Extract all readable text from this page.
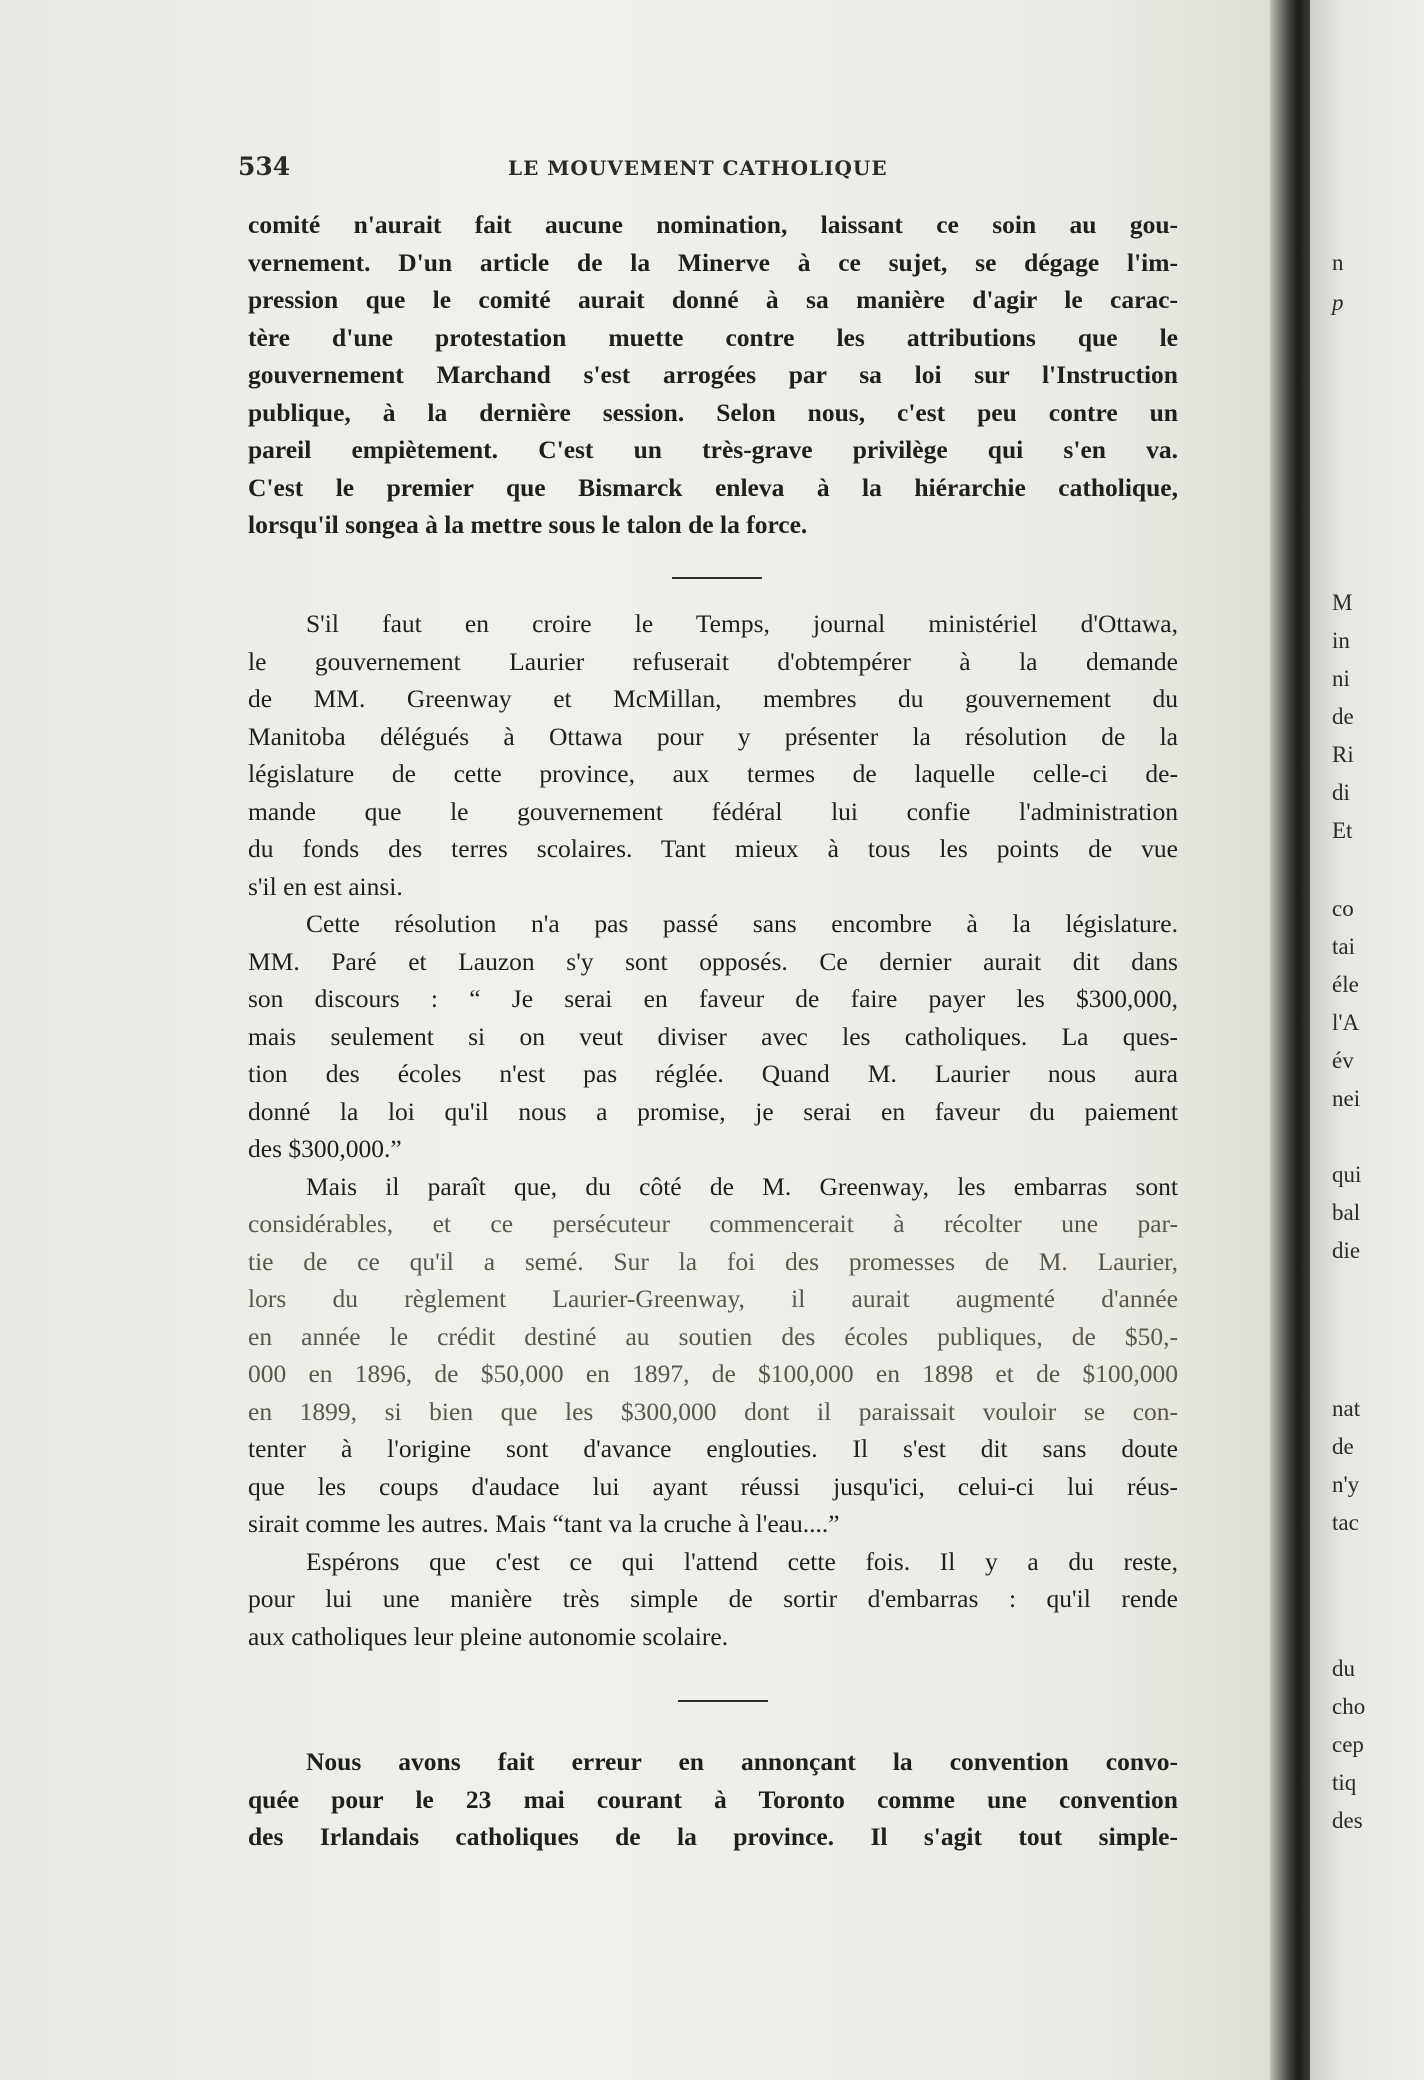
534	LE MOUVEMENT CATHOLIQUE
comité n'aurait fait aucune nomination, laissant ce soin au gou-
vernement. D'un article de la Minerve à ce sujet, se dégage l'im-
pression que le comité aurait donné à sa manière d'agir le carac-
tère d'une protestation muette contre les attributions que le
gouvernement Marchand s'est arrogées par sa loi sur l'Instruction
publique, à la dernière session. Selon nous, c'est peu contre un
pareil empiètement. C'est un très-grave privilège qui s'en va.
C'est le premier que Bismarck enleva à la hiérarchie catholique,
lorsqu'il songea à la mettre sous le talon de la force.
S'il faut en croire le Temps, journal ministériel d'Ottawa,
le gouvernement Laurier refuserait d'obtempérer à la demande
de MM. Greenway et McMillan, membres du gouvernement du
Manitoba délégués à Ottawa pour y présenter la résolution de la
législature de cette province, aux termes de laquelle celle-ci de-
mande que le gouvernement fédéral lui confie l'administration
du fonds des terres scolaires. Tant mieux à tous les points de vue
s'il en est ainsi.
Cette résolution n'a pas passé sans encombre à la législature.
MM. Paré et Lauzon s'y sont opposés. Ce dernier aurait dit dans
son discours : “ Je serai en faveur de faire payer les $300,000,
mais seulement si on veut diviser avec les catholiques. La ques-
tion des écoles n'est pas réglée. Quand M. Laurier nous aura
donné la loi qu'il nous a promise, je serai en faveur du paiement
des $300,000.”
Mais il paraît que, du côté de M. Greenway, les embarras sont
considérables, et ce persécuteur commencerait à récolter une par-
tie de ce qu'il a semé. Sur la foi des promesses de M. Laurier,
lors du règlement Laurier-Greenway, il aurait augmenté d'année
en année le crédit destiné au soutien des écoles publiques, de $50,-
000 en 1896, de $50,000 en 1897, de $100,000 en 1898 et de $100,000
en 1899, si bien que les $300,000 dont il paraissait vouloir se con-
tenter à l'origine sont d'avance englouties. Il s'est dit sans doute
que les coups d'audace lui ayant réussi jusqu'ici, celui-ci lui réus-
sirait comme les autres. Mais “tant va la cruche à l'eau....”
Espérons que c'est ce qui l'attend cette fois. Il y a du reste,
pour lui une manière très simple de sortir d'embarras : qu'il rende
aux catholiques leur pleine autonomie scolaire.
Nous avons fait erreur en annonçant la convention convo-
quée pour le 23 mai courant à Toronto comme une convention
des Irlandais catholiques de la province. Il s'agit tout simple-
n
p
M
in
ni
de
Ri
di
Et
co
tai
éle
l'A
év
nei
qui
bal
die
nat
de
n'y
tac
du
cho
cep
tiq
des
